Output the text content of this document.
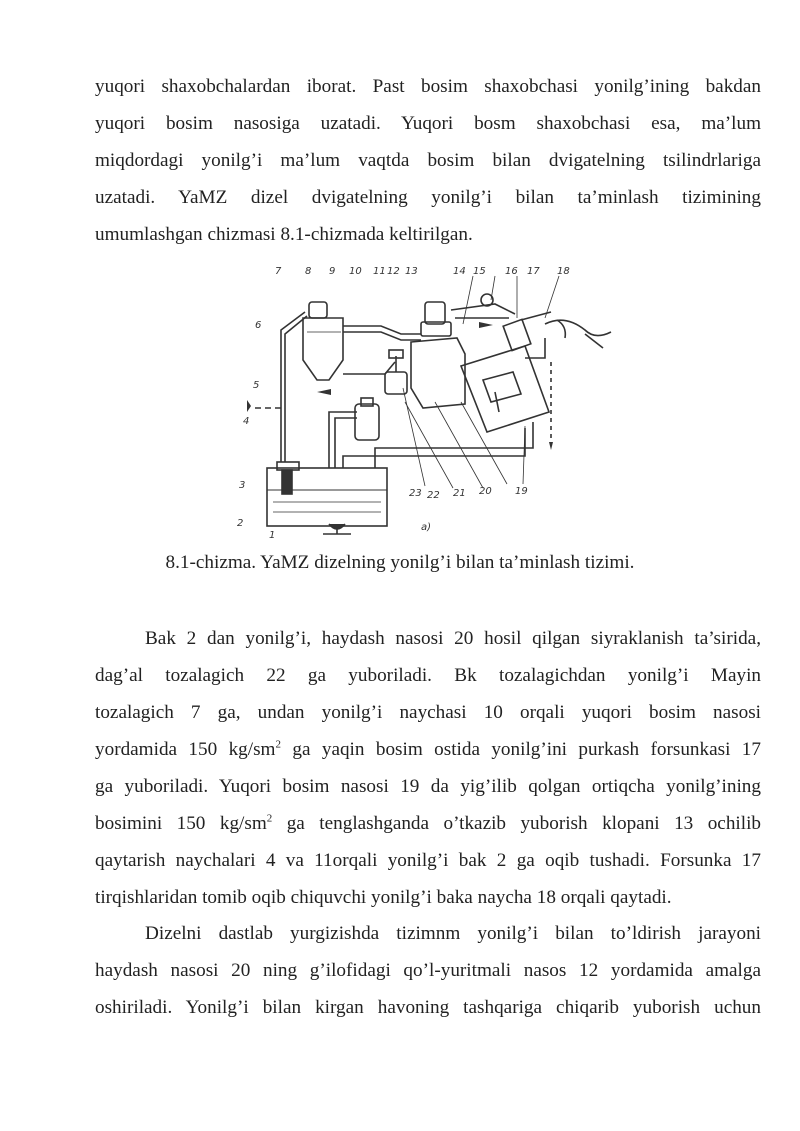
yuqori shaxobchalardan iborat. Past bosim shaxobchasi yonilg’ining bakdan
yuqori bosim nasosiga uzatadi. Yuqori bosm shaxobchasi esa, ma’lum
miqdordagi yonilg’i ma’lum vaqtda bosim bilan dvigatelning tsilindrlariga
uzatadi. YaMZ dizel dvigatelning yonilg’i bilan ta’minlash tizimining
umumlashgan chizmasi 8.1-chizmada keltirilgan.

7 8 9 10 11 12 13	14 15 16 17 18
6
5
4
3
2
1
23 22 21 20 19
a)

8.1-chizma. YaMZ dizelning yonilg’i bilan ta’minlash tizimi.

Bak 2 dan yonilg’i, haydash nasosi 20 hosil qilgan siyraklanish ta’sirida,
dag’al tozalagich 22 ga yuboriladi. Bk tozalagichdan yonilg’i Mayin
tozalagich 7 ga, undan yonilg’i naychasi 10 orqali yuqori bosim nasosi
yordamida 150 $kg/sm^2$ ga yaqin bosim ostida yonilg’ini purkash forsunkasi 17
ga yuboriladi. Yuqori bosim nasosi 19 da yig’ilib qolgan ortiqcha yonilg’ining
bosimini 150 $kg/sm^2$ ga tenglashganda o’tkazib yuborish klopani 13 ochilib
qaytarish naychalari 4 va 11orqali yonilg’i bak 2 ga oqib tushadi. Forsunka 17
tirqishlaridan tomib oqib chiquvchi yonilg’i baka naycha 18 orqali qaytadi.

Dizelni dastlab yurgizishda tizimnm yonilg’i bilan to’ldirish jarayoni
haydash nasosi 20 ning g’ilofidagi qo’l-yuritmali nasos 12 yordamida amalga
oshiriladi. Yonilg’i bilan kirgan havoning tashqariga chiqarib yuborish uchun
